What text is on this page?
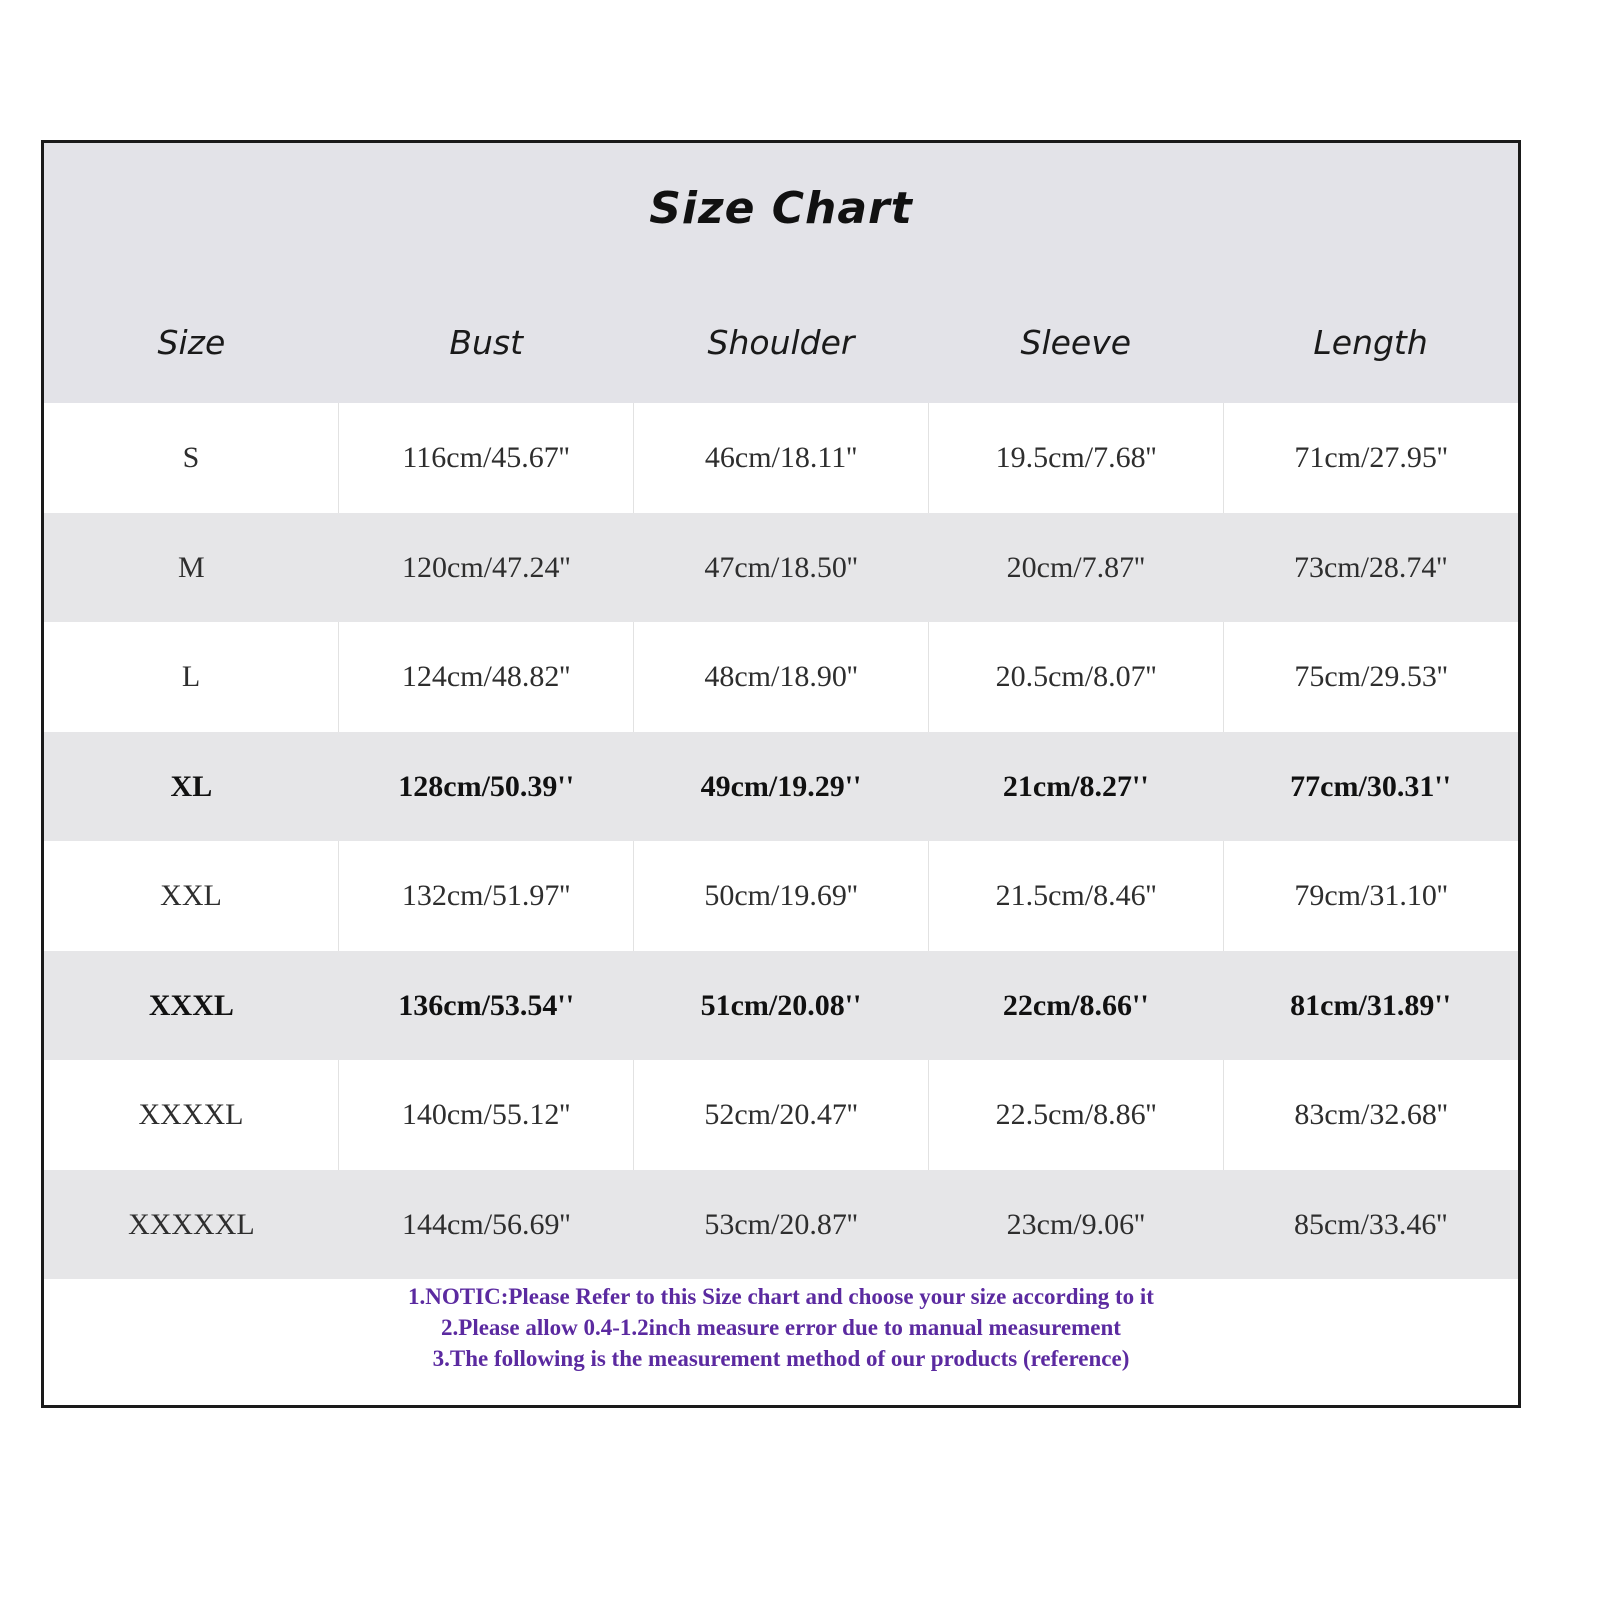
Size Chart
Size	Bust	Shoulder	Sleeve	Length
S	116cm/45.67''	46cm/18.11''	19.5cm/7.68''	71cm/27.95''
M	120cm/47.24''	47cm/18.50''	20cm/7.87''	73cm/28.74''
L	124cm/48.82''	48cm/18.90''	20.5cm/8.07''	75cm/29.53''
XL	128cm/50.39''	49cm/19.29''	21cm/8.27''	77cm/30.31''
XXL	132cm/51.97''	50cm/19.69''	21.5cm/8.46''	79cm/31.10''
XXXL	136cm/53.54''	51cm/20.08''	22cm/8.66''	81cm/31.89''
XXXXL	140cm/55.12''	52cm/20.47''	22.5cm/8.86''	83cm/32.68''
XXXXXL	144cm/56.69''	53cm/20.87''	23cm/9.06''	85cm/33.46''
1.NOTIC:Please Refer to this Size chart and choose your size according to it
2.Please allow 0.4-1.2inch measure error due to manual measurement
3.The following is the measurement method of our products (reference)
